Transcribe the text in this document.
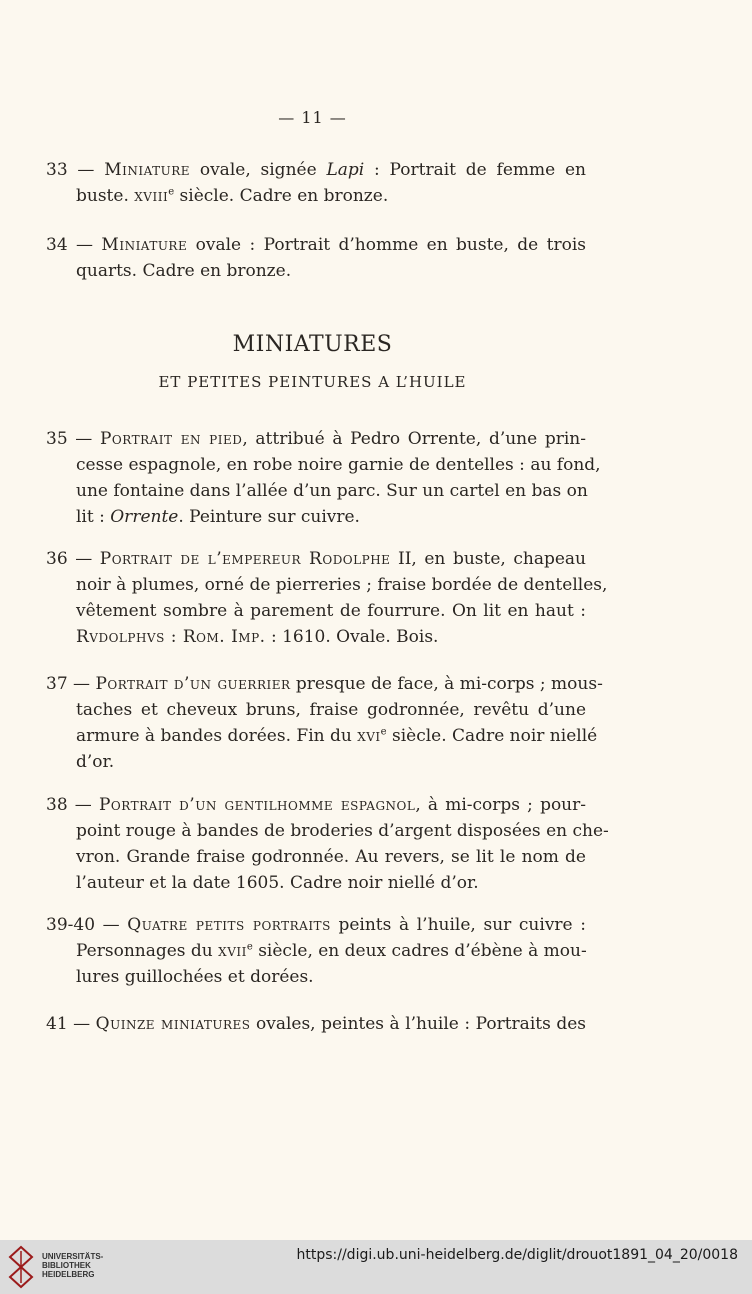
— 11 —
33 — Miniature ovale, signée Lapi : Portrait de femme en
buste. xviii$^e$ siècle. Cadre en bronze.
34 — Miniature ovale : Portrait d’homme en buste, de trois
quarts. Cadre en bronze.
MINIATURES
ET PETITES PEINTURES A L’HUILE
35 — Portrait en pied, attribué à Pedro Orrente, d’une prin-
cesse espagnole, en robe noire garnie de dentelles : au fond,
une fontaine dans l’allée d’un parc. Sur un cartel en bas on
lit : Orrente. Peinture sur cuivre.
36 — Portrait de l’empereur Rodolphe II, en buste, chapeau
noir à plumes, orné de pierreries ; fraise bordée de dentelles,
vêtement sombre à parement de fourrure. On lit en haut :
Rvdolphvs : Rom. Imp. : 1610. Ovale. Bois.
37 — Portrait d’un guerrier presque de face, à mi-corps ; mous-
taches et cheveux bruns, fraise godronnée, revêtu d’une
armure à bandes dorées. Fin du xvi$^e$ siècle. Cadre noir niellé
d’or.
38 — Portrait d’un gentilhomme espagnol, à mi-corps ; pour-
point rouge à bandes de broderies d’argent disposées en che-
vron. Grande fraise godronnée. Au revers, se lit le nom de
l’auteur et la date 1605. Cadre noir niellé d’or.
39-40 — Quatre petits portraits peints à l’huile, sur cuivre :
Personnages du xvii$^e$ siècle, en deux cadres d’ébène à mou-
lures guillochées et dorées.
41 — Quinze miniatures ovales, peintes à l’huile : Portraits des
UNIVERSITÄTS-
BIBLIOTHEK
HEIDELBERG
https://digi.ub.uni-heidelberg.de/diglit/drouot1891_04_20/0018
